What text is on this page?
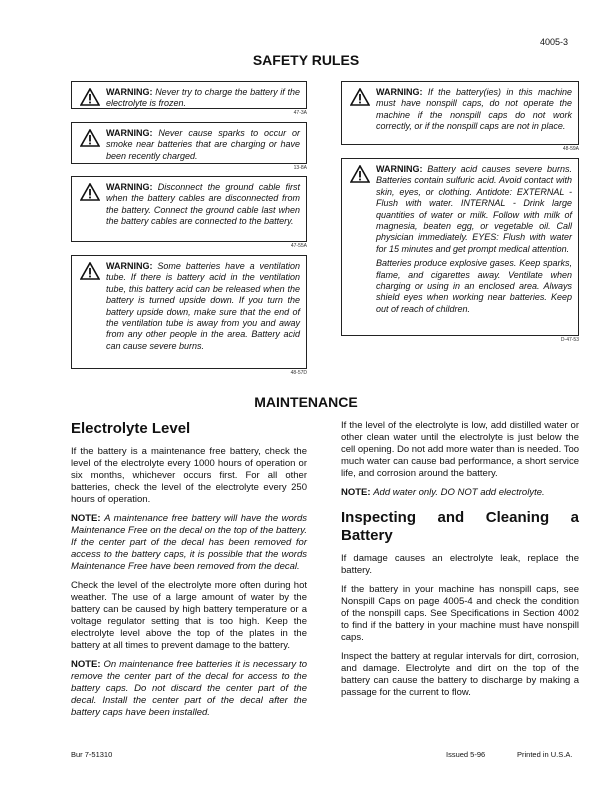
4005-3
SAFETY RULES
WARNING: Never try to charge the battery if the electrolyte is frozen.
47-3A
WARNING: Never cause sparks to occur or smoke near batteries that are charging or have been recently charged.
13-8A
WARNING: Disconnect the ground cable first when the battery cables are disconnected from the battery. Connect the ground cable last when the battery cables are connected to the battery.
47-55A
WARNING: Some batteries have a ventilation tube. If there is battery acid in the ventilation tube, this battery acid can be released when the battery is turned upside down. If you turn the battery upside down, make sure that the end of the ventilation tube is away from you and away from any other people in the area. Battery acid can cause severe burns.
48-57D
WARNING: If the battery(ies) in this machine must have nonspill caps, do not operate the machine if the nonspill caps do not work correctly, or if the nonspill caps are not in place.
48-59A

WARNING: Battery acid causes severe burns. Batteries contain sulfuric acid. Avoid contact with skin, eyes, or clothing. Antidote: EXTERNAL - Flush with water. INTERNAL - Drink large quantities of water or milk. Follow with milk of magnesia, beaten egg, or vegetable oil. Call physician immediately. EYES: Flush with water for 15 minutes and get prompt medical attention.

Batteries produce explosive gases. Keep sparks, flame, and cigarettes away. Ventilate when charging or using in an enclosed area. Always shield eyes when working near batteries. Keep out of reach of children.

D-47-53
MAINTENANCE
Electrolyte Level

If the battery is a maintenance free battery, check the level of the electrolyte every 1000 hours of operation or six months, whichever occurs first. For all other batteries, check the level of the electrolyte every 250 hours of operation.

NOTE: A maintenance free battery will have the words Maintenance Free on the decal on the top of the battery. If the center part of the decal has been removed for access to the battery caps, it is possible that the words Maintenance Free have been removed from the decal.

Check the level of the electrolyte more often during hot weather. The use of a large amount of water by the battery can be caused by high battery temperature or a voltage regulator setting that is too high. Keep the electrolyte level above the top of the plates in the battery at all times to prevent damage to the battery.

NOTE: On maintenance free batteries it is necessary to remove the center part of the decal for access to the battery caps. Do not discard the center part of the decal. Install the center part of the decal after the battery caps have been installed.

If the level of the electrolyte is low, add distilled water or other clean water until the electrolyte is just below the cell opening. Do not add more water than is needed. Too much water can cause bad performance, a short service life, and corrosion around the battery.

NOTE: Add water only. DO NOT add electrolyte.

Inspecting and Cleaning a Battery

If damage causes an electrolyte leak, replace the battery.

If the battery in your machine has nonspill caps, see Nonspill Caps on page 4005-4 and check the condition of the nonspill caps. See Specifications in Section 4002 to find if the battery in your machine must have nonspill caps.

Inspect the battery at regular intervals for dirt, corrosion, and damage. Electrolyte and dirt on the top of the battery can cause the battery to discharge by making a passage for the current to flow.

Bur 7-51310	Issued 5-96	Printed in U.S.A.
